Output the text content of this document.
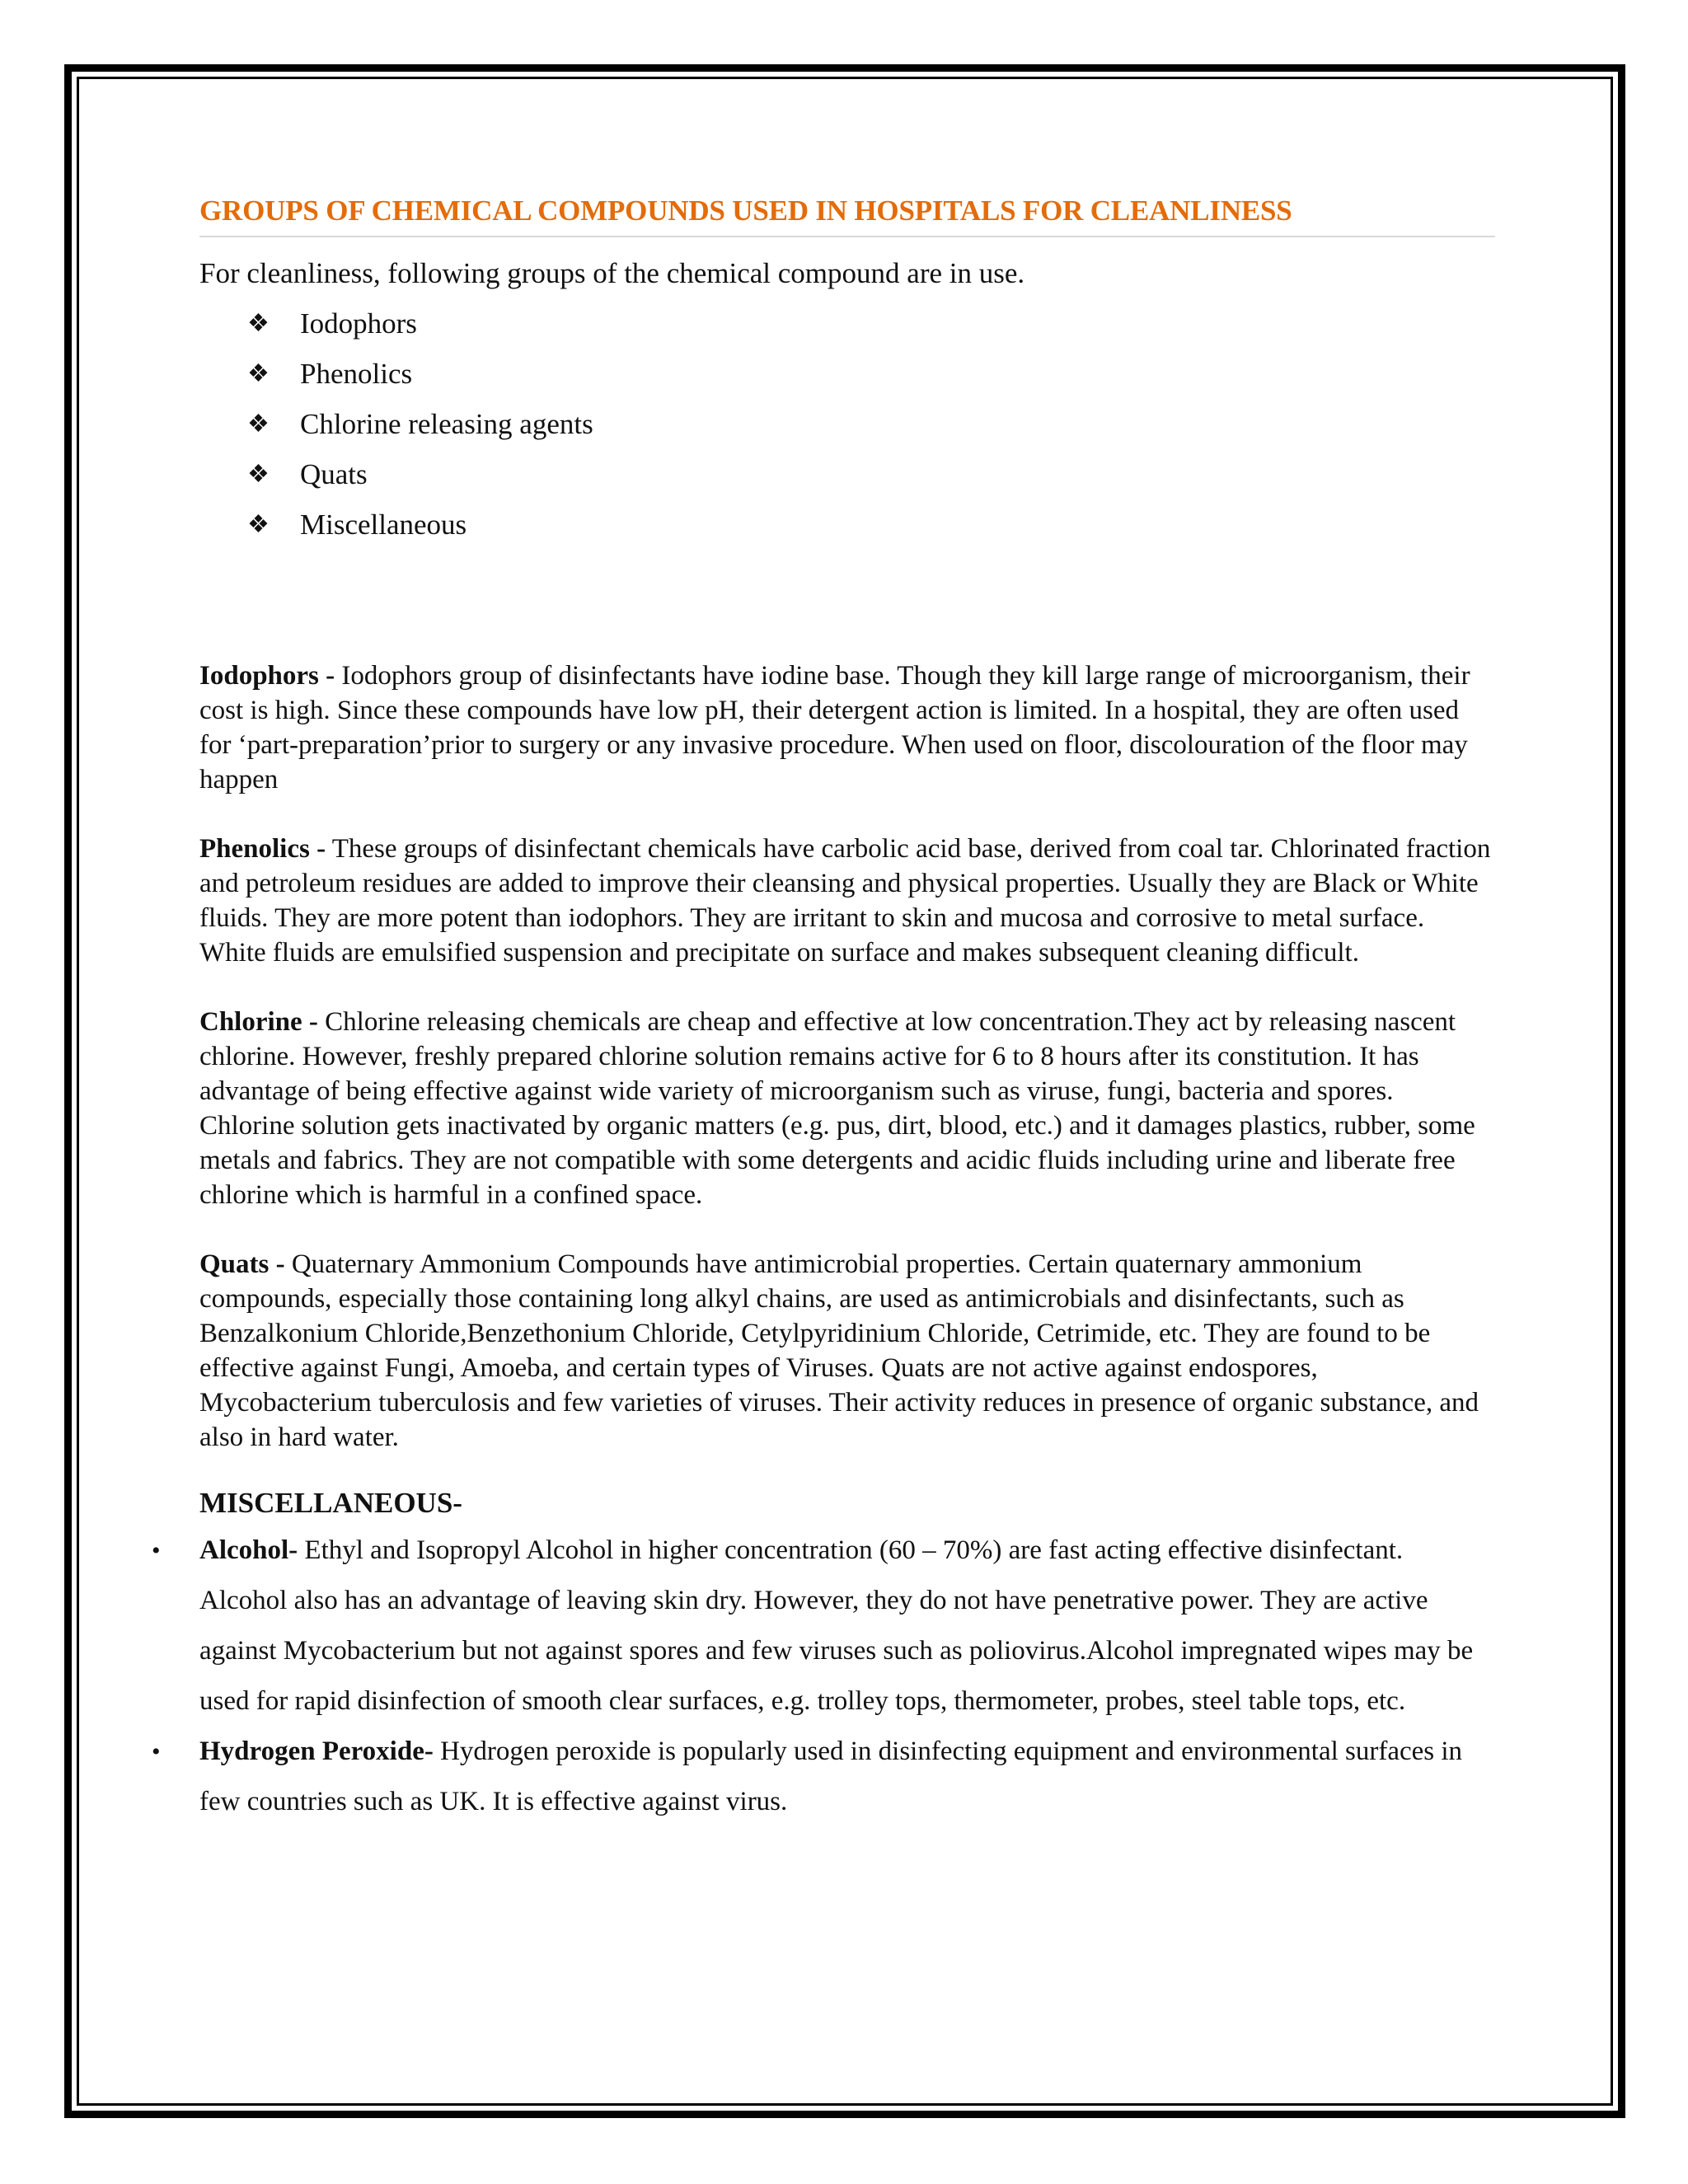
GROUPS OF CHEMICAL COMPOUNDS USED IN HOSPITALS FOR CLEANLINESS

For cleanliness, following groups of the chemical compound are in use.

❖	Iodophors
❖	Phenolics
❖	Chlorine releasing agents
❖	Quats
❖	Miscellaneous

Iodophors - Iodophors group of disinfectants have iodine base. Though they kill large range of microorganism, their cost is high. Since these compounds have low pH, their detergent action is limited. In a hospital, they are often used for ‘part-preparation’prior to surgery or any invasive procedure. When used on floor, discolouration of the floor may happen

Phenolics - These groups of disinfectant chemicals have carbolic acid base, derived from coal tar. Chlorinated fraction and petroleum residues are added to improve their cleansing and physical properties. Usually they are Black or White fluids. They are more potent than iodophors. They are irritant to skin and mucosa and corrosive to metal surface. White fluids are emulsified suspension and precipitate on surface and makes subsequent cleaning difficult.

Chlorine - Chlorine releasing chemicals are cheap and effective at low concentration.They act by releasing nascent chlorine. However, freshly prepared chlorine solution remains active for 6 to 8 hours after its constitution. It has advantage of being effective against wide variety of microorganism such as viruse, fungi, bacteria and spores. Chlorine solution gets inactivated by organic matters (e.g. pus, dirt, blood, etc.) and it damages plastics, rubber, some metals and fabrics. They are not compatible with some detergents and acidic fluids including urine and liberate free chlorine which is harmful in a confined space.

Quats - Quaternary Ammonium Compounds have antimicrobial properties. Certain quaternary ammonium compounds, especially those containing long alkyl chains, are used as antimicrobials and disinfectants, such as Benzalkonium Chloride,Benzethonium Chloride, Cetylpyridinium Chloride, Cetrimide, etc. They are found to be effective against Fungi, Amoeba, and certain types of Viruses. Quats are not active against endospores, Mycobacterium tuberculosis and few varieties of viruses. Their activity reduces in presence of organic substance, and also in hard water.

MISCELLANEOUS-

• Alcohol- Ethyl and Isopropyl Alcohol in higher concentration (60 – 70%) are fast acting effective disinfectant. Alcohol also has an advantage of leaving skin dry. However, they do not have penetrative power. They are active against Mycobacterium but not against spores and few viruses such as poliovirus.Alcohol impregnated wipes may be used for rapid disinfection of smooth clear surfaces, e.g. trolley tops, thermometer, probes, steel table tops, etc.
• Hydrogen Peroxide- Hydrogen peroxide is popularly used in disinfecting equipment and environmental surfaces in few countries such as UK. It is effective against virus.
